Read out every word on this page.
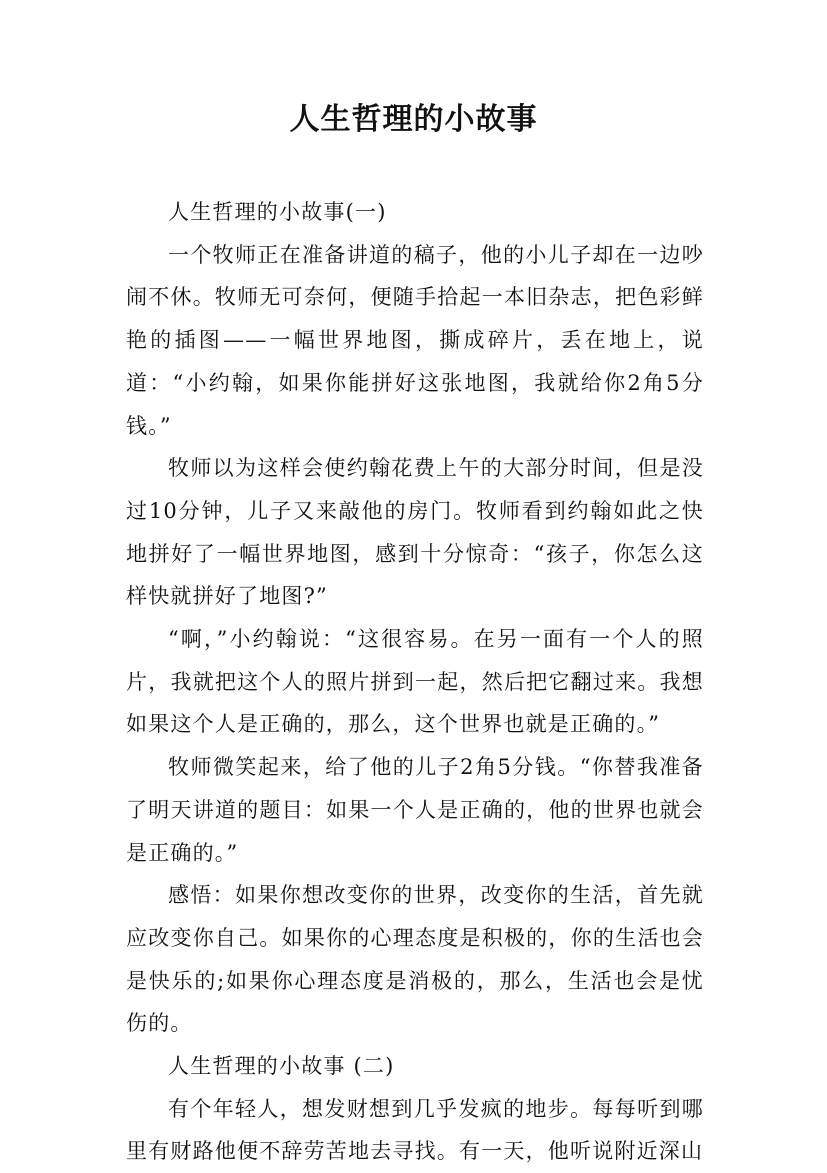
人生哲理的小故事

人生哲理的小故事(一)

一个牧师正在准备讲道的稿子，他的小儿子却在一边吵闹不休。牧师无可奈何，便随手拾起一本旧杂志，把色彩鲜艳的插图——一幅世界地图，撕成碎片，丢在地上，说道：“小约翰，如果你能拼好这张地图，我就给你2角5分钱。”

牧师以为这样会使约翰花费上午的大部分时间，但是没过10分钟，儿子又来敲他的房门。牧师看到约翰如此之快地拼好了一幅世界地图，感到十分惊奇：“孩子，你怎么这样快就拼好了地图?”

“啊，”小约翰说：“这很容易。在另一面有一个人的照片，我就把这个人的照片拼到一起，然后把它翻过来。我想如果这个人是正确的，那么，这个世界也就是正确的。”

牧师微笑起来，给了他的儿子2角5分钱。“你替我准备了明天讲道的题目：如果一个人是正确的，他的世界也就会是正确的。”

感悟：如果你想改变你的世界，改变你的生活，首先就应改变你自己。如果你的心理态度是积极的，你的生活也会是快乐的;如果你心理态度是消极的，那么，生活也会是忧伤的。

人生哲理的小故事 (二)

有个年轻人，想发财想到几乎发疯的地步。每每听到哪里有财路他便不辞劳苦地去寻找。有一天，他听说附近深山
